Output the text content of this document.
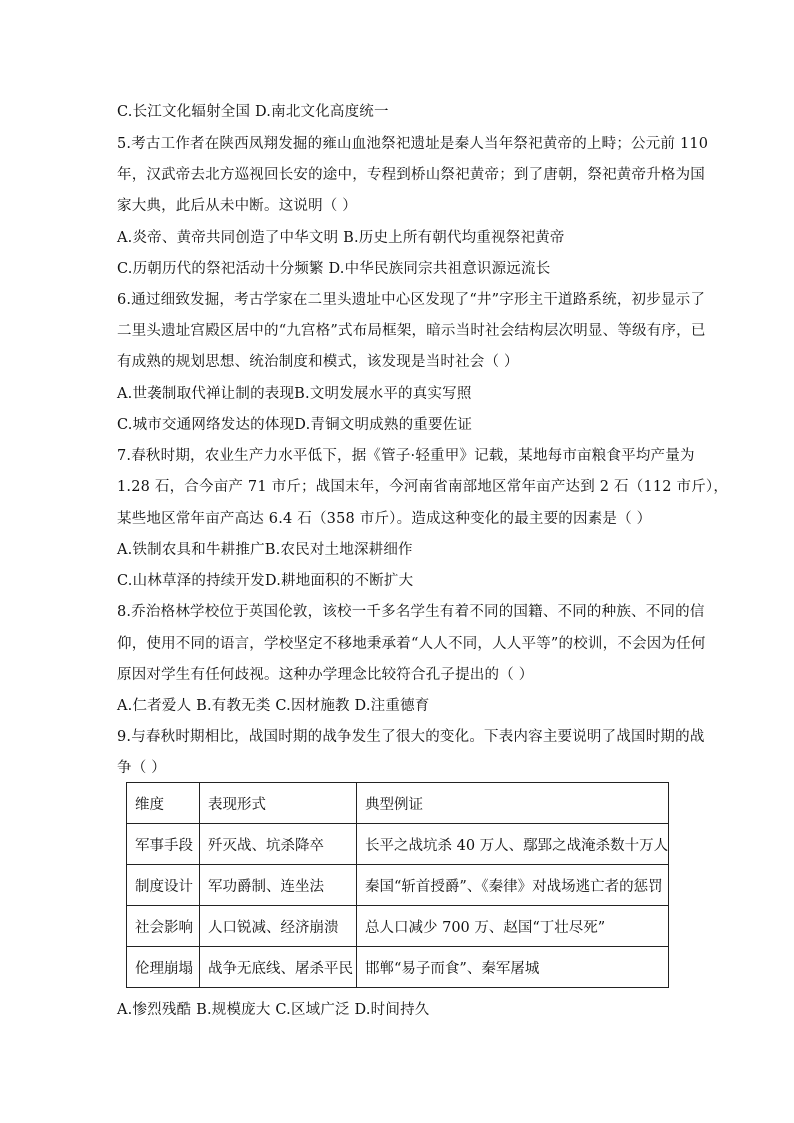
C.长江文化辐射全国 D.南北文化高度统一
5.考古工作者在陕西凤翔发掘的雍山血池祭祀遗址是秦人当年祭祀黄帝的上畤；公元前 110
年，汉武帝去北方巡视回长安的途中，专程到桥山祭祀黄帝；到了唐朝，祭祀黄帝升格为国
家大典，此后从未中断。这说明（ ）
A.炎帝、黄帝共同创造了中华文明 B.历史上所有朝代均重视祭祀黄帝
C.历朝历代的祭祀活动十分频繁 D.中华民族同宗共祖意识源远流长
6.通过细致发掘，考古学家在二里头遗址中心区发现了“井”字形主干道路系统，初步显示了
二里头遗址宫殿区居中的“九宫格”式布局框架，暗示当时社会结构层次明显、等级有序，已
有成熟的规划思想、统治制度和模式，该发现是当时社会（ ）
A.世袭制取代禅让制的表现B.文明发展水平的真实写照
C.城市交通网络发达的体现D.青铜文明成熟的重要佐证
7.春秋时期，农业生产力水平低下，据《管子·轻重甲》记载，某地每市亩粮食平均产量为
1.28 石，合今亩产 71 市斤；战国末年，今河南省南部地区常年亩产达到 2 石（112 市斤），
某些地区常年亩产高达 6.4 石（358 市斤）。造成这种变化的最主要的因素是（ ）
A.铁制农具和牛耕推广B.农民对土地深耕细作
C.山林草泽的持续开发D.耕地面积的不断扩大
8.乔治格林学校位于英国伦敦，该校一千多名学生有着不同的国籍、不同的种族、不同的信
仰，使用不同的语言，学校坚定不移地秉承着“人人不同，人人平等”的校训，不会因为任何
原因对学生有任何歧视。这种办学理念比较符合孔子提出的（ ）
A.仁者爱人 B.有教无类 C.因材施教 D.注重德育
9.与春秋时期相比，战国时期的战争发生了很大的变化。下表内容主要说明了战国时期的战
争（ ）
维度	表现形式	典型例证
军事手段	歼灭战、坑杀降卒	长平之战坑杀 40 万人、鄢郢之战淹杀数十万人
制度设计	军功爵制、连坐法	秦国“斩首授爵”、《秦律》对战场逃亡者的惩罚
社会影响	人口锐减、经济崩溃	总人口减少 700 万、赵国“丁壮尽死”
伦理崩塌	战争无底线、屠杀平民	邯郸“易子而食”、秦军屠城
A.惨烈残酷 B.规模庞大 C.区域广泛 D.时间持久
